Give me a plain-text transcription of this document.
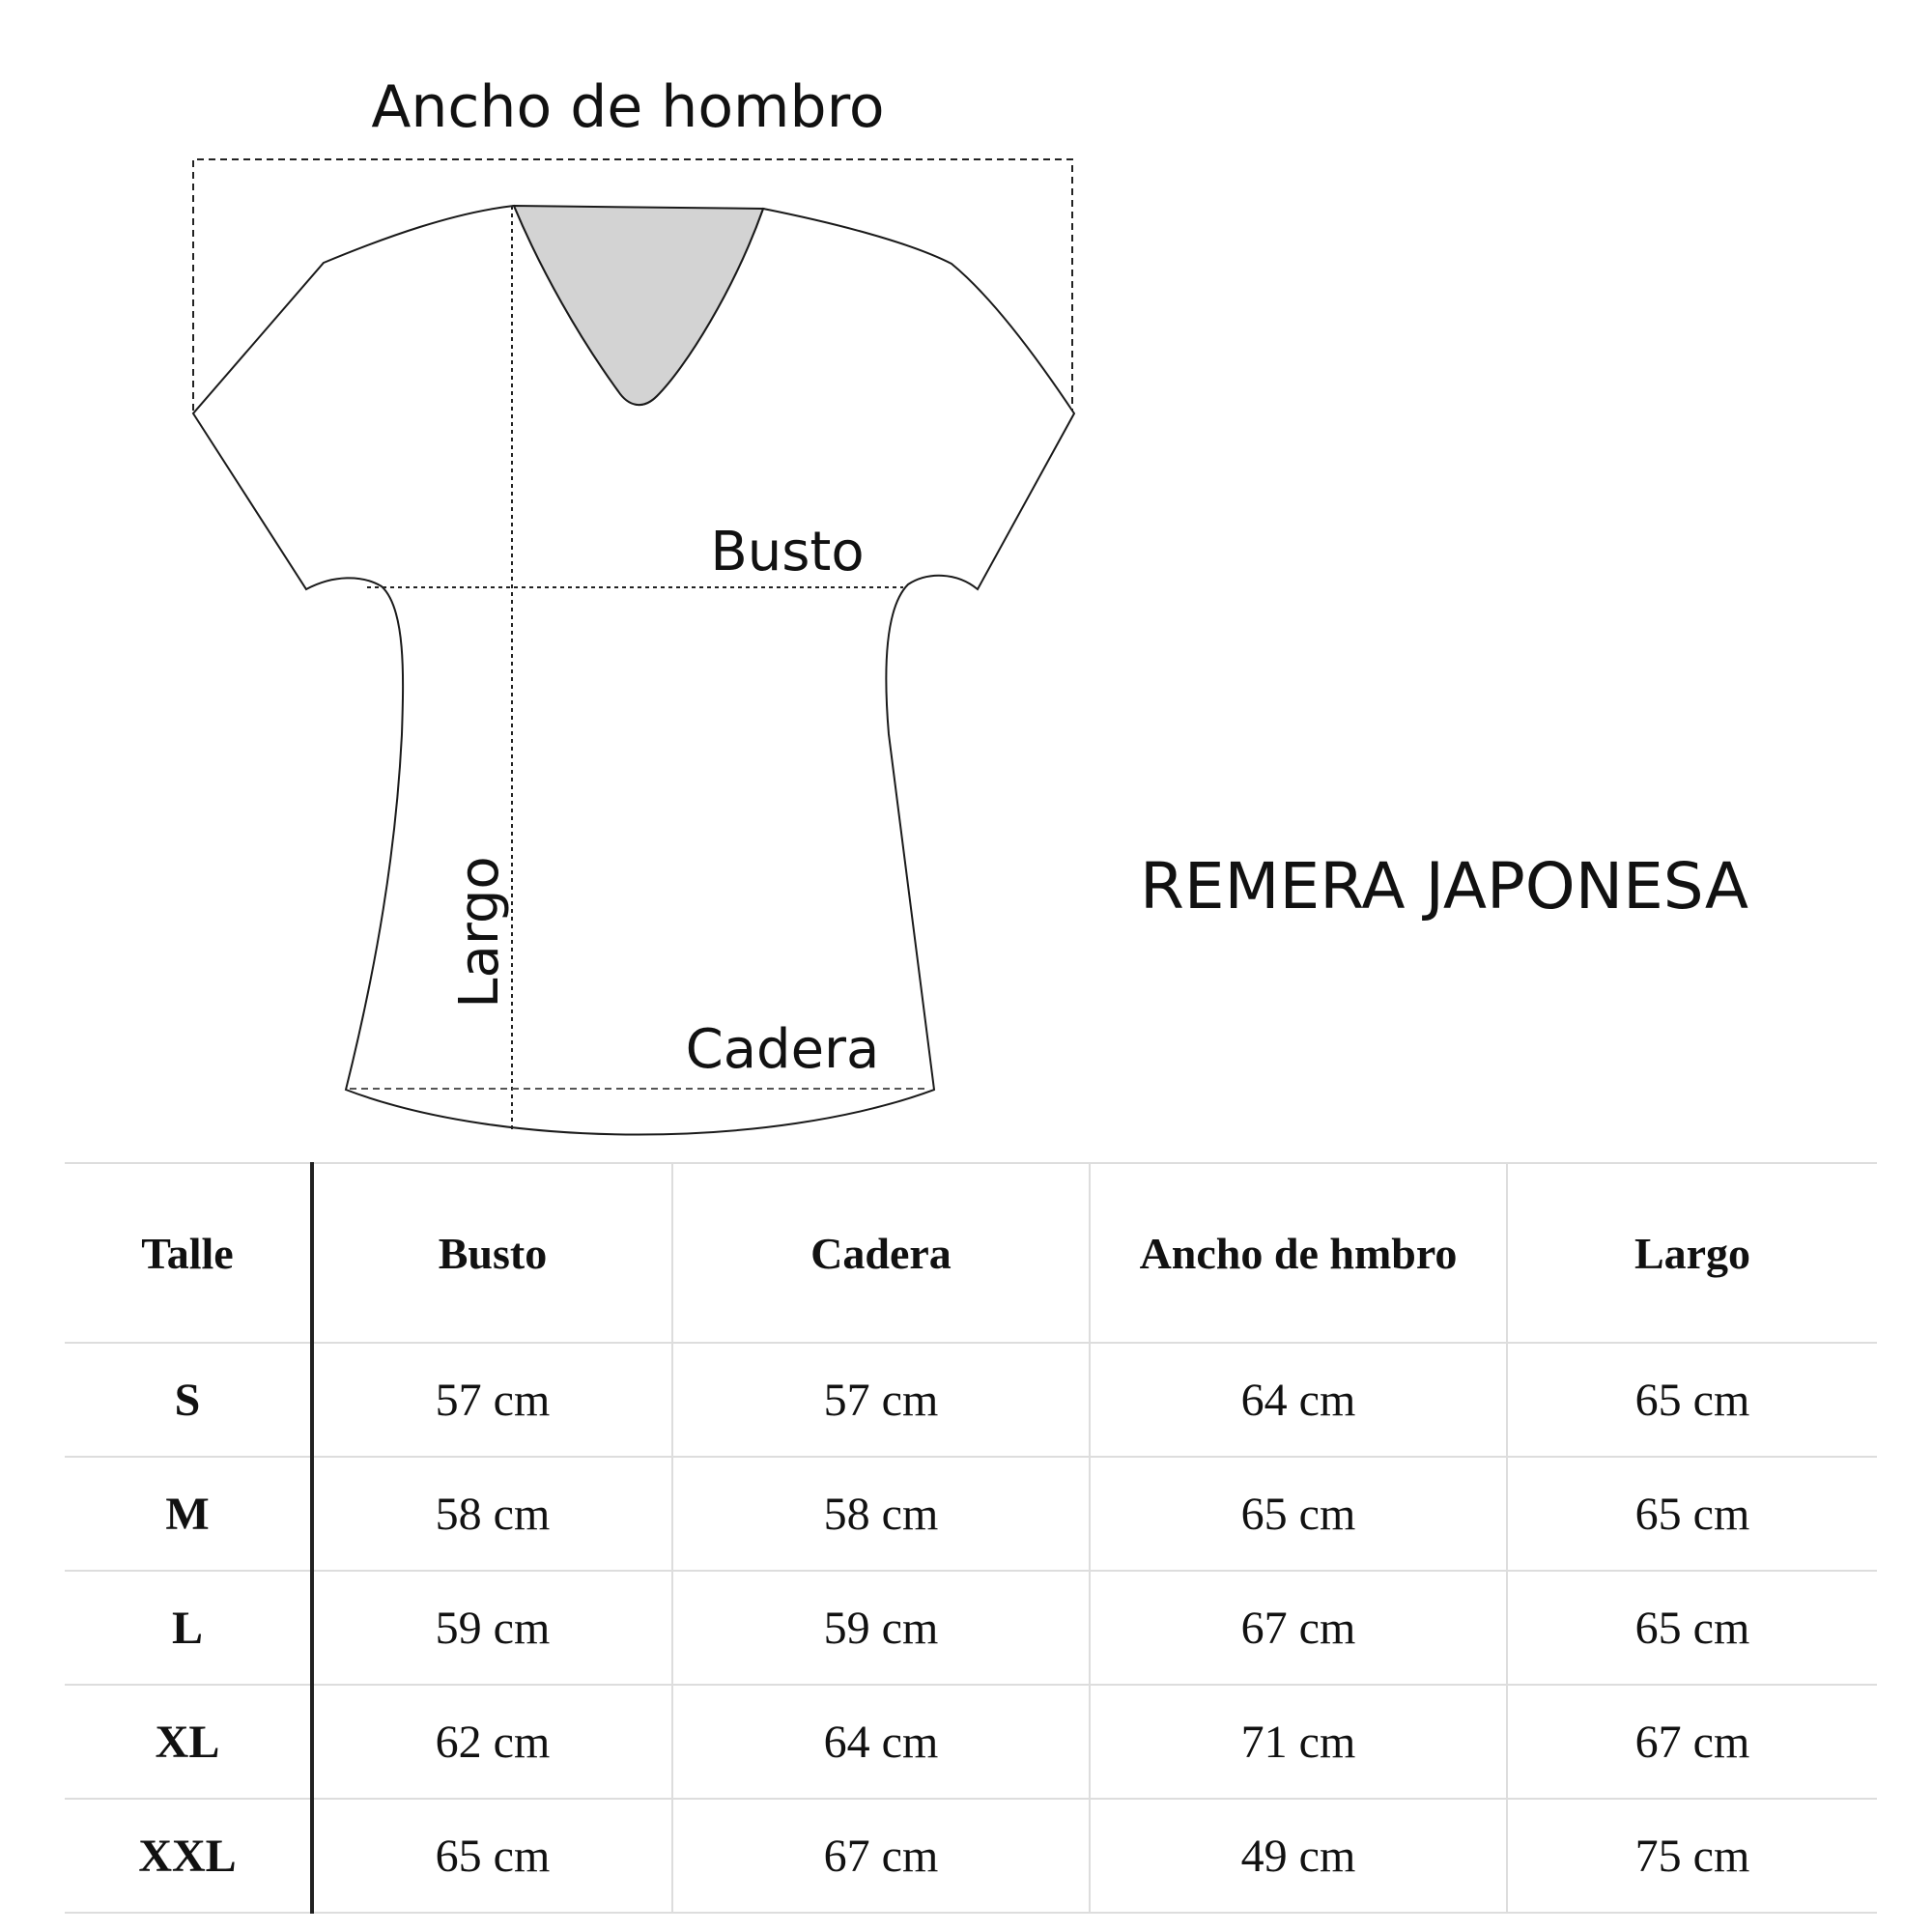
Ancho de hombro
Busto
Largo
Cadera
REMERA JAPONESA
Talle	Busto	Cadera	Ancho de hmbro	Largo
S	57 cm	57 cm	64 cm	65 cm
M	58 cm	58 cm	65 cm	65 cm
L	59 cm	59 cm	67 cm	65 cm
XL	62 cm	64 cm	71 cm	67 cm
XXL	65 cm	67 cm	49 cm	75 cm
